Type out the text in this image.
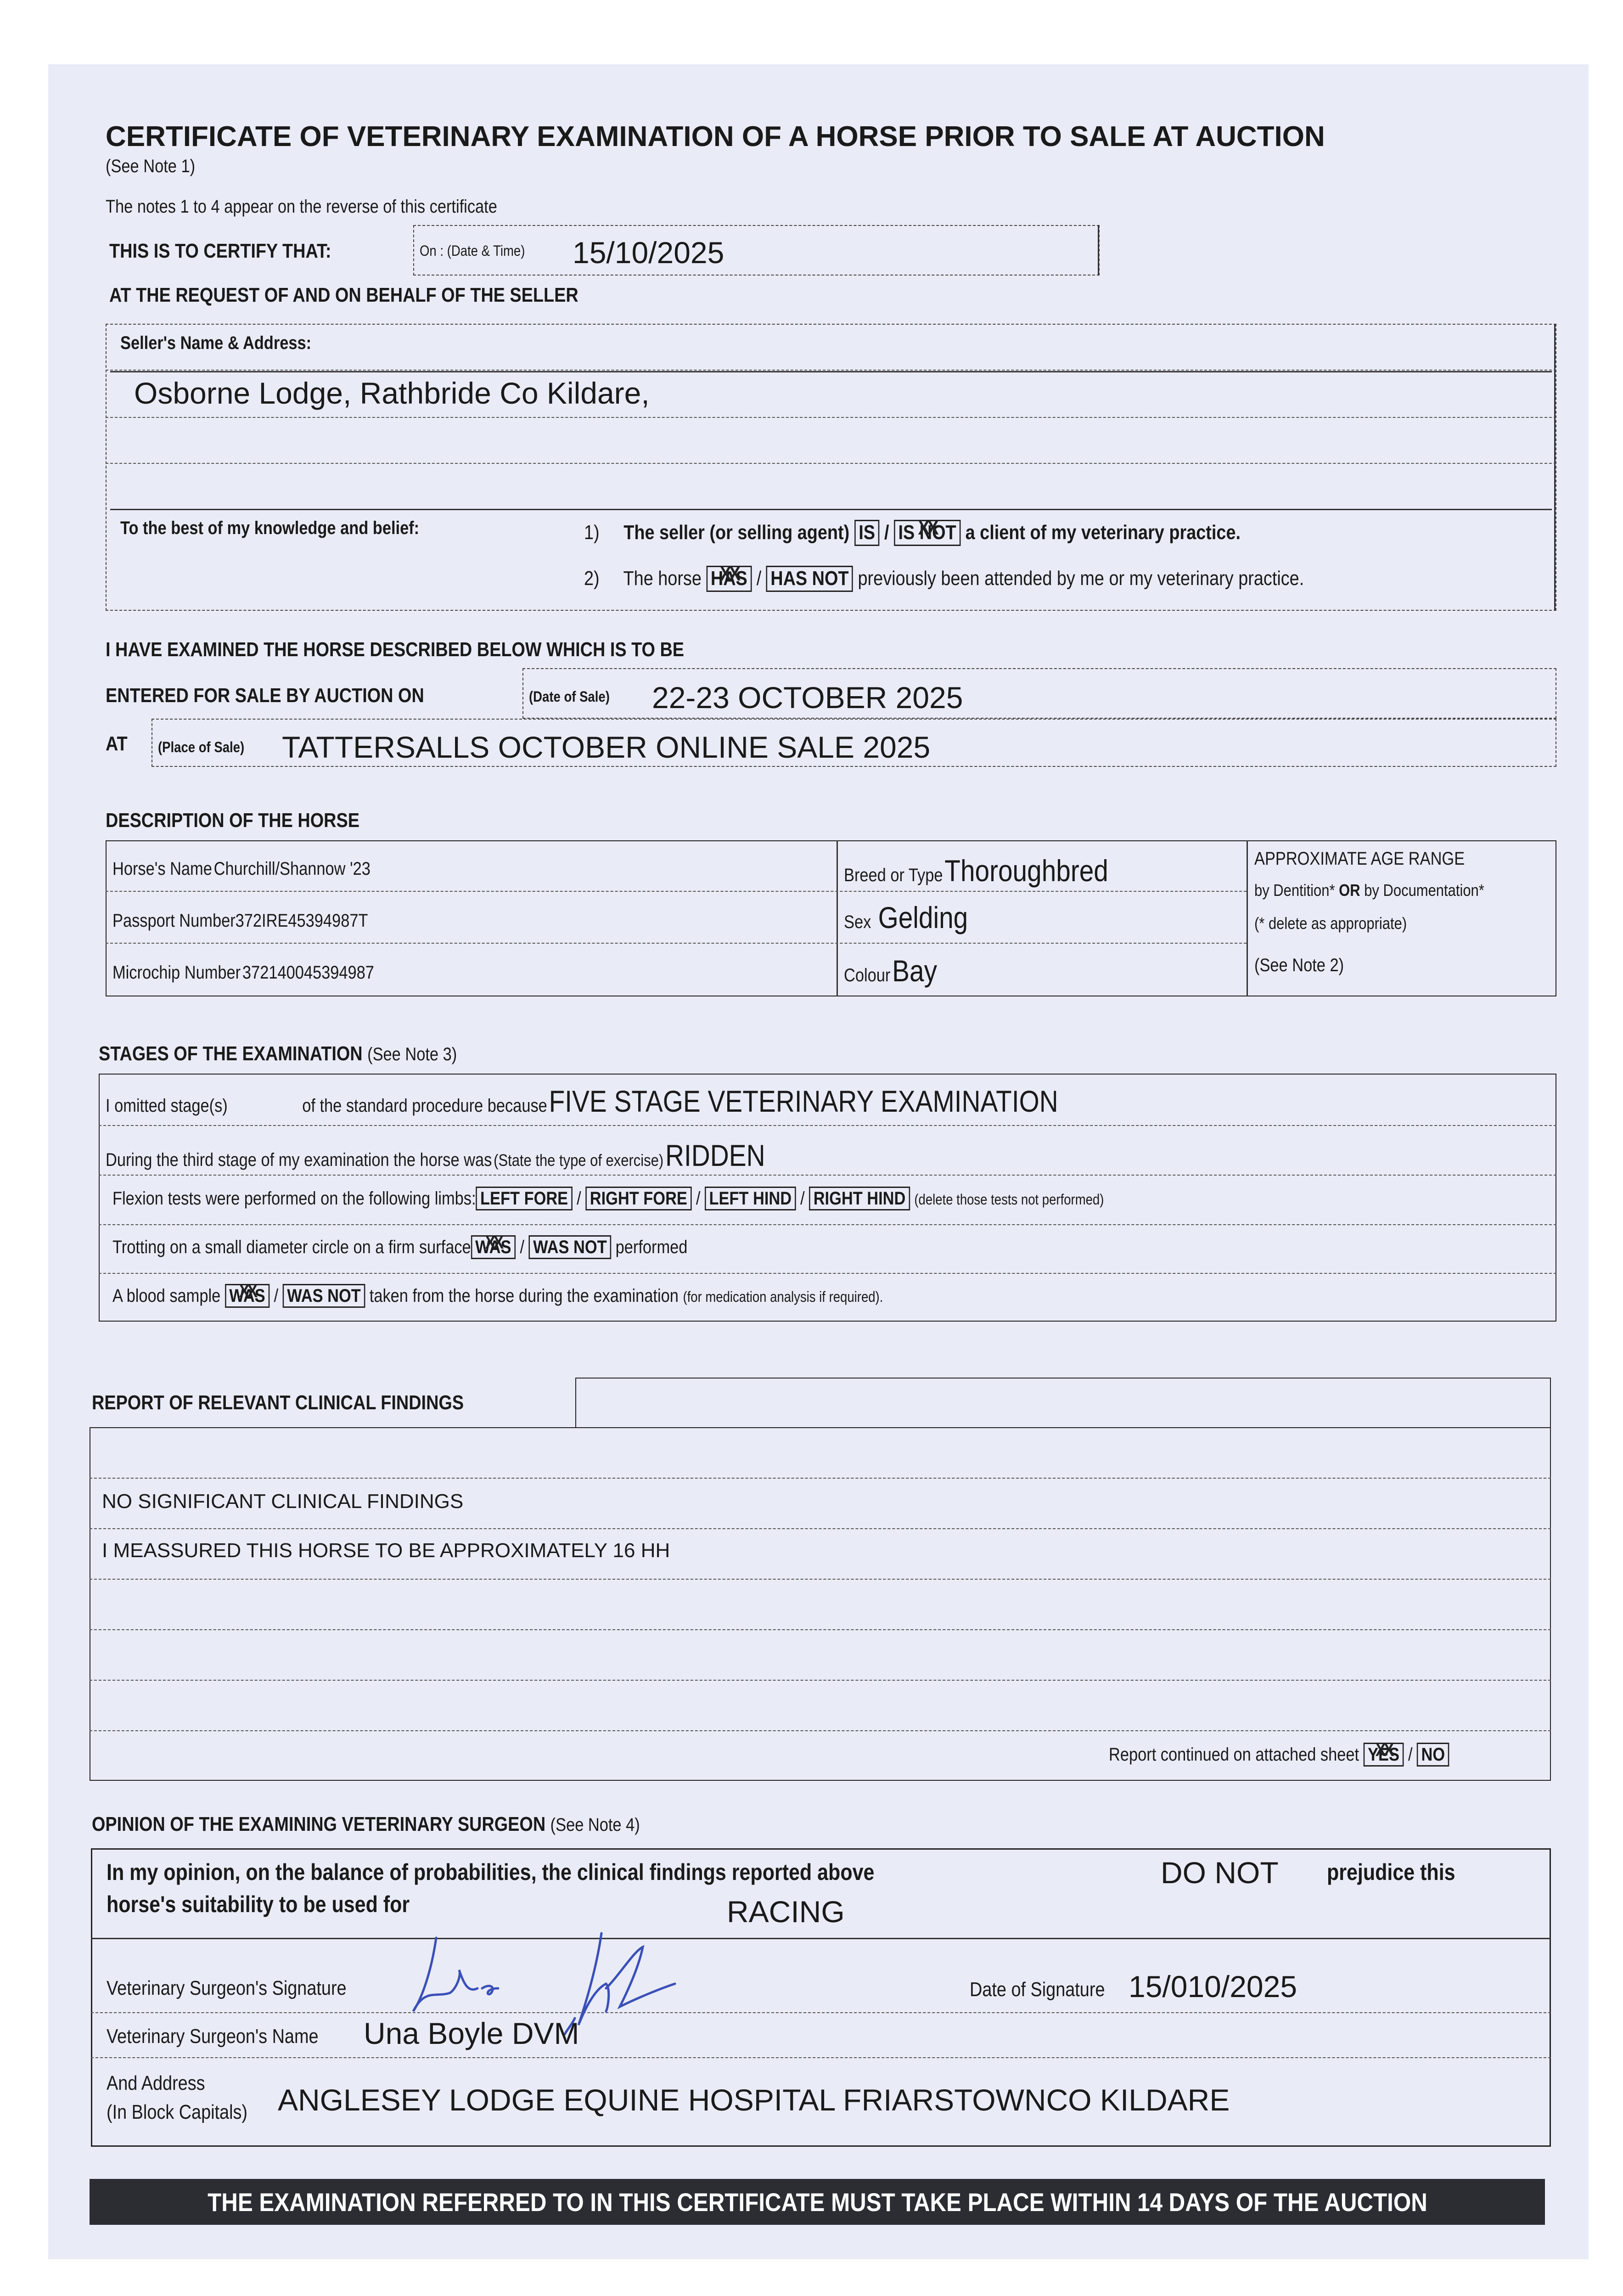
CERTIFICATE OF VETERINARY EXAMINATION OF A HORSE PRIOR TO SALE AT AUCTION
(See Note 1)
The notes 1 to 4 appear on the reverse of this certificate
THIS IS TO CERTIFY THAT:	On : (Date & Time)	15/10/2025
AT THE REQUEST OF AND ON BEHALF OF THE SELLER
Seller's Name & Address:
Osborne Lodge, Rathbride Co Kildare,
To the best of my knowledge and belief:	1) The seller (or selling agent) IS / IS NOT XX a client of my veterinary practice.
2) The horse HAS XX / HAS NOT previously been attended by me or my veterinary practice.
I HAVE EXAMINED THE HORSE DESCRIBED BELOW WHICH IS TO BE
ENTERED FOR SALE BY AUCTION ON	(Date of Sale)	22-23 OCTOBER 2025
AT (Place of Sale)	TATTERSALLS OCTOBER ONLINE SALE 2025
DESCRIPTION OF THE HORSE
Horse's Name Churchill/Shannow '23
Passport Number372IRE45394987T
Microchip Number 372140045394987
Breed or Type Thoroughbred
Sex Gelding
Colour Bay
APPROXIMATE AGE RANGE
by Dentition* OR by Documentation*
(* delete as appropriate)
(See Note 2)
STAGES OF THE EXAMINATION (See Note 3)
I omitted stage(s)	of the standard procedure because FIVE STAGE VETERINARY EXAMINATION
During the third stage of my examination the horse was (State the type of exercise) RIDDEN
Flexion tests were performed on the following limbs: LEFT FORE / RIGHT FORE / LEFT HIND / RIGHT HIND (delete those tests not performed)
Trotting on a small diameter circle on a firm surface WAS XX / WAS NOT performed
A blood sample WAS XX / WAS NOT taken from the horse during the examination (for medication analysis if required).
REPORT OF RELEVANT CLINICAL FINDINGS
NO SIGNIFICANT CLINICAL FINDINGS
I MEASSURED THIS HORSE TO BE APPROXIMATELY 16 HH
Report continued on attached sheet YES XX / NO
OPINION OF THE EXAMINING VETERINARY SURGEON (See Note 4)
In my opinion, on the balance of probabilities, the clinical findings reported above	DO NOT prejudice this
horse's suitability to be used for	RACING
Veterinary Surgeon's Signature	Date of Signature 15/010/2025
Veterinary Surgeon's Name	Una Boyle DVM
And Address
(In Block Capitals) ANGLESEY LODGE EQUINE HOSPITAL FRIARSTOWNCO KILDARE
THE EXAMINATION REFERRED TO IN THIS CERTIFICATE MUST TAKE PLACE WITHIN 14 DAYS OF THE AUCTION
